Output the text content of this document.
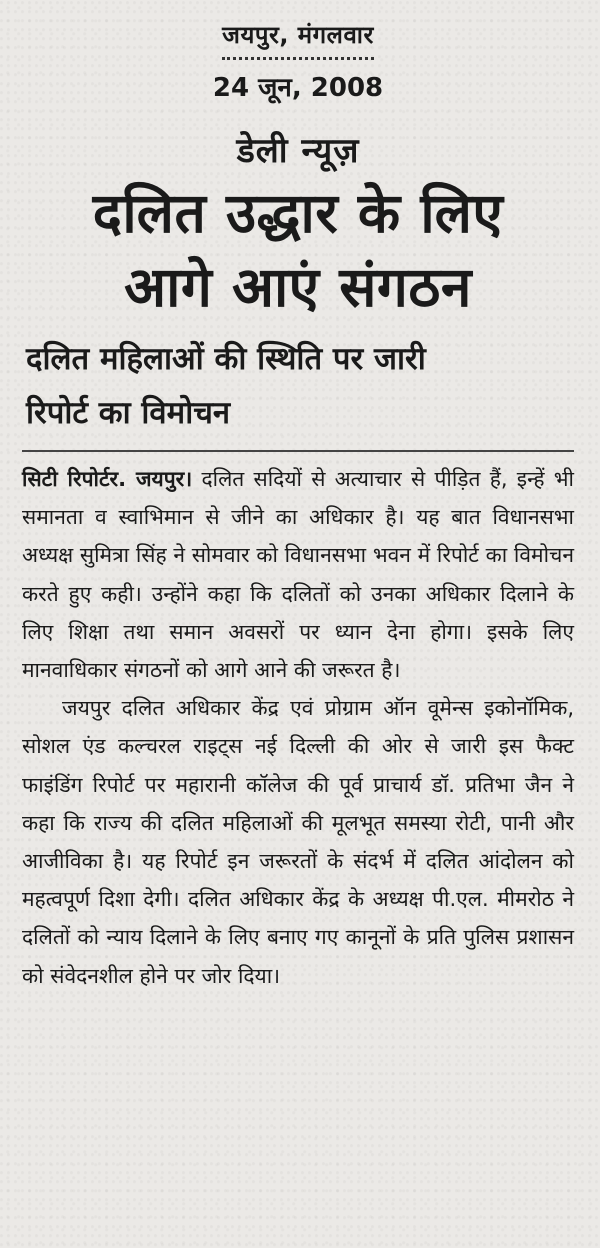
जयपुर, मंगलवार
24 जून, 2008
डेली न्यूज़
दलित उद्धार के लिए
आगे आएं संगठन
दलित महिलाओं की स्थिति पर जारी
रिपोर्ट का विमोचन

सिटी रिपोर्टर. जयपुर। दलित सदियों से अत्याचार से पीड़ित हैं, इन्हें भी समानता व स्वाभिमान से जीने का अधिकार है। यह बात विधानसभा अध्यक्ष सुमित्रा सिंह ने सोमवार को विधानसभा भवन में रिपोर्ट का विमोचन करते हुए कही। उन्होंने कहा कि दलितों को उनका अधिकार दिलाने के लिए शिक्षा तथा समान अवसरों पर ध्यान देना होगा। इसके लिए मानवाधिकार संगठनों को आगे आने की जरूरत है।

जयपुर दलित अधिकार केंद्र एवं प्रोग्राम ऑन वूमेन्स इकोनॉमिक, सोशल एंड कल्चरल राइट्स नई दिल्ली की ओर से जारी इस फैक्ट फाइंडिंग रिपोर्ट पर महारानी कॉलेज की पूर्व प्राचार्य डॉ. प्रतिभा जैन ने कहा कि राज्य की दलित महिलाओं की मूलभूत समस्या रोटी, पानी और आजीविका है। यह रिपोर्ट इन जरूरतों के संदर्भ में दलित आंदोलन को महत्वपूर्ण दिशा देगी। दलित अधिकार केंद्र के अध्यक्ष पी.एल. मीमरोठ ने दलितों को न्याय दिलाने के लिए बनाए गए कानूनों के प्रति पुलिस प्रशासन को संवेदनशील होने पर जोर दिया।
